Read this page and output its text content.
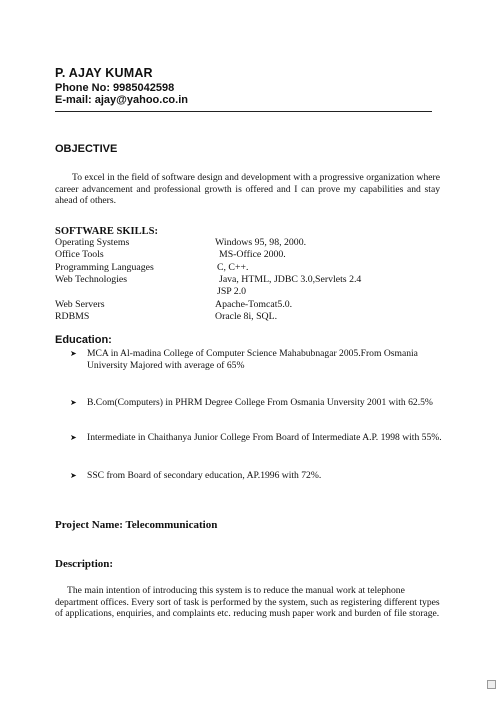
P. AJAY KUMAR
Phone No: 9985042598
E-mail: ajay@yahoo.co.in
OBJECTIVE
To excel in the field of software design and development with a progressive organization where career advancement and professional growth is offered and I can prove my capabilities and stay ahead of others.
SOFTWARE SKILLS:
Operating Systems	Windows 95, 98, 2000.
Office Tools	MS-Office 2000.
Programming Languages	C, C++.
Web Technologies	Java, HTML, JDBC 3.0,Servlets 2.4
JSP 2.0
Web Servers	Apache-Tomcat5.0.
RDBMS	Oracle 8i, SQL.
Education:
➤ MCA in Al-madina College of Computer Science Mahabubnagar 2005.From Osmania University Majored with average of 65%
➤ B.Com(Computers) in PHRM Degree College From Osmania Unversity 2001 with 62.5%
➤ Intermediate in Chaithanya Junior College From Board of Intermediate A.P. 1998 with 55%.
➤ SSC from Board of secondary education, AP.1996 with 72%.
Project Name: Telecommunication
Description:
The main intention of introducing this system is to reduce the manual work at telephone department offices. Every sort of task is performed by the system, such as registering different types of applications, enquiries, and complaints etc. reducing mush paper work and burden of file storage.
